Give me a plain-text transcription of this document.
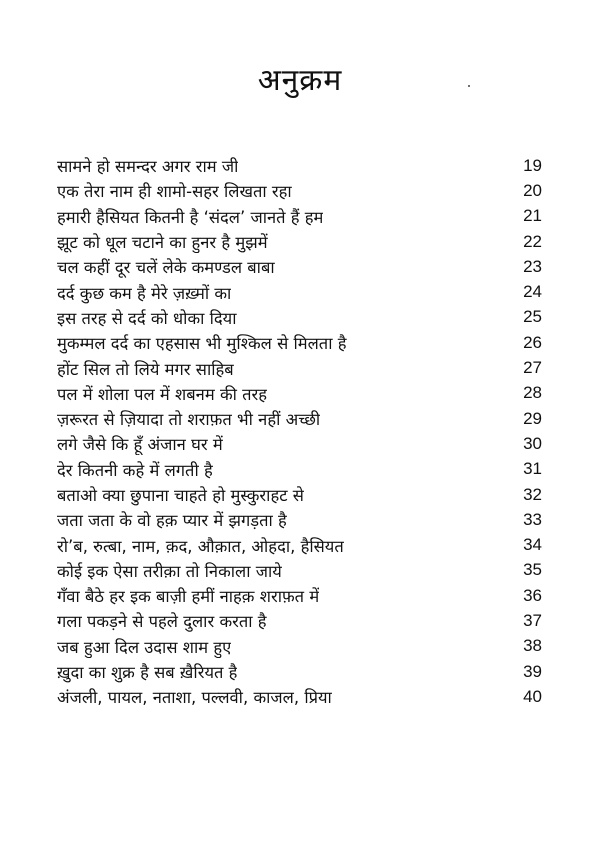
अनुक्रम
सामने हो समन्दर अगर राम जी	19
एक तेरा नाम ही शामो-सहर लिखता रहा	20
हमारी हैसियत कितनी है ‘संदल’ जानते हैं हम	21
झूट को धूल चटाने का हुनर है मुझमें	22
चल कहीं दूर चलें लेके कमण्डल बाबा	23
दर्द कुछ कम है मेरे ज़ख़्मों का	24
इस तरह से दर्द को धोका दिया	25
मुकम्मल दर्द का एहसास भी मुश्किल से मिलता है	26
होंट सिल तो लिये मगर साहिब	27
पल में शोला पल में शबनम की तरह	28
ज़रूरत से ज़ियादा तो शराफ़त भी नहीं अच्छी	29
लगे जैसे कि हूँ अंजान घर में	30
देर कितनी कहे में लगती है	31
बताओ क्या छुपाना चाहते हो मुस्कुराहट से	32
जता जता के वो हक़ प्यार में झगड़ता है	33
रो’ब, रुत्बा, नाम, क़द, औक़ात, ओहदा, हैसियत	34
कोई इक ऐसा तरीक़ा तो निकाला जाये	35
गँवा बैठे हर इक बाज़ी हमीं नाहक़ शराफ़त में	36
गला पकड़ने से पहले दुलार करता है	37
जब हुआ दिल उदास शाम हुए	38
ख़ुदा का शुक्र है सब ख़ैरियत है	39
अंजली, पायल, नताशा, पल्लवी, काजल, प्रिया	40
